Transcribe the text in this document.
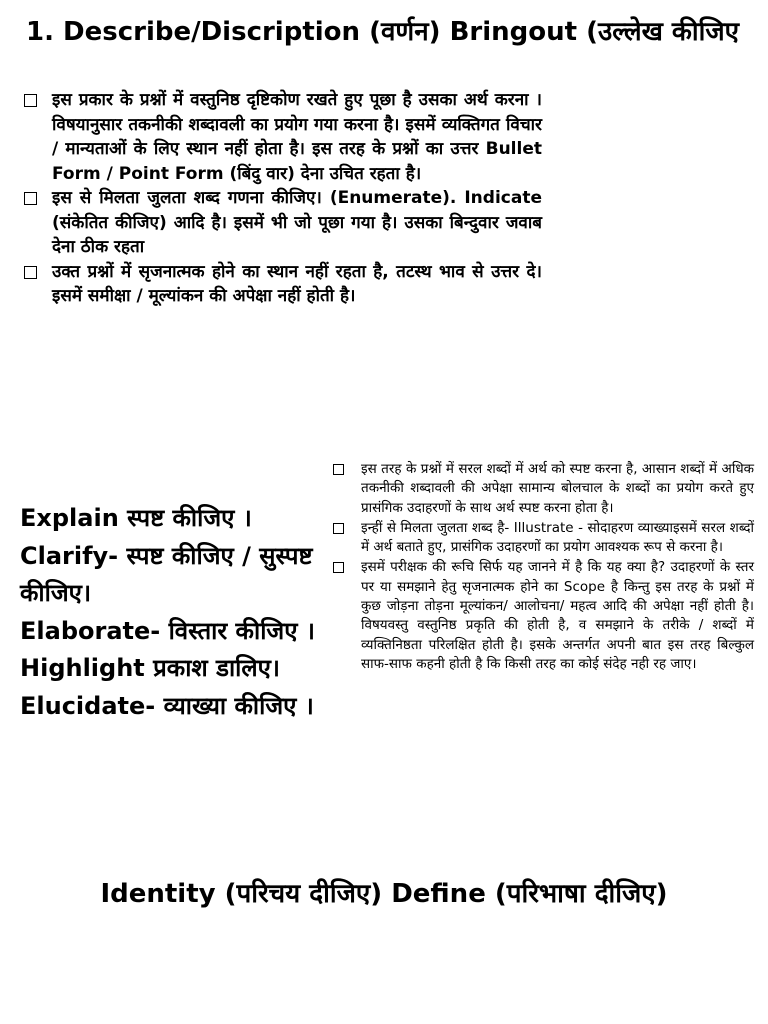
1. Describe/Discription (वर्णन) Bringout (उल्लेख कीजिए
इस प्रकार के प्रश्नों में वस्तुनिष्ठ दृष्टिकोण रखते हुए पूछा है उसका अर्थ करना । विषयानुसार तकनीकी शब्दावली का प्रयोग गया करना है। इसमें व्यक्तिगत विचार / मान्यताओं के लिए स्थान नहीं होता है। इस तरह के प्रश्नों का उत्तर Bullet Form / Point Form (बिंदु वार) देना उचित रहता है।
इस से मिलता जुलता शब्द गणना कीजिए। (Enumerate). Indicate (संकेतित कीजिए) आदि है। इसमें भी जो पूछा गया है। उसका बिन्दुवार जवाब देना ठीक रहता
उक्त प्रश्नों में सृजनात्मक होने का स्थान नहीं रहता है, तटस्थ भाव से उत्तर दे। इसमें समीक्षा / मूल्यांकन की अपेक्षा नहीं होती है।

Explain स्पष्ट कीजिए ।

Clarify- स्पष्ट कीजिए / सुस्पष्ट कीजिए।

Elaborate- विस्तार कीजिए ।

Highlight प्रकाश डालिए।

Elucidate- व्याख्या कीजिए ।

इस तरह के प्रश्नों में सरल शब्दों में अर्थ को स्पष्ट करना है, आसान शब्दों में अधिक तकनीकी शब्दावली की अपेक्षा सामान्य बोलचाल के शब्दों का प्रयोग करते हुए प्रासंगिक उदाहरणों के साथ अर्थ स्पष्ट करना होता है।
इन्हीं से मिलता जुलता शब्द है- Illustrate - सोदाहरण व्याख्याइसमें सरल शब्दों में अर्थ बताते हुए, प्रासंगिक उदाहरणों का प्रयोग आवश्यक रूप से करना है।
इसमें परीक्षक की रूचि सिर्फ यह जानने में है कि यह क्या है? उदाहरणों के स्तर पर या समझाने हेतु सृजनात्मक होने का Scope है किन्तु इस तरह के प्रश्नों में कुछ जोड़ना तोड़ना मूल्यांकन/ आलोचना/ महत्व आदि की अपेक्षा नहीं होती है।विषयवस्तु वस्तुनिष्ठ प्रकृति की होती है, व समझाने के तरीके / शब्दों में व्यक्तिनिष्ठता परिलक्षित होती है। इसके अन्तर्गत अपनी बात इस तरह बिल्कुल साफ-साफ कहनी होती है कि किसी तरह का कोई संदेह नही रह जाए।
Identity (परिचय दीजिए) Define (परिभाषा दीजिए)
